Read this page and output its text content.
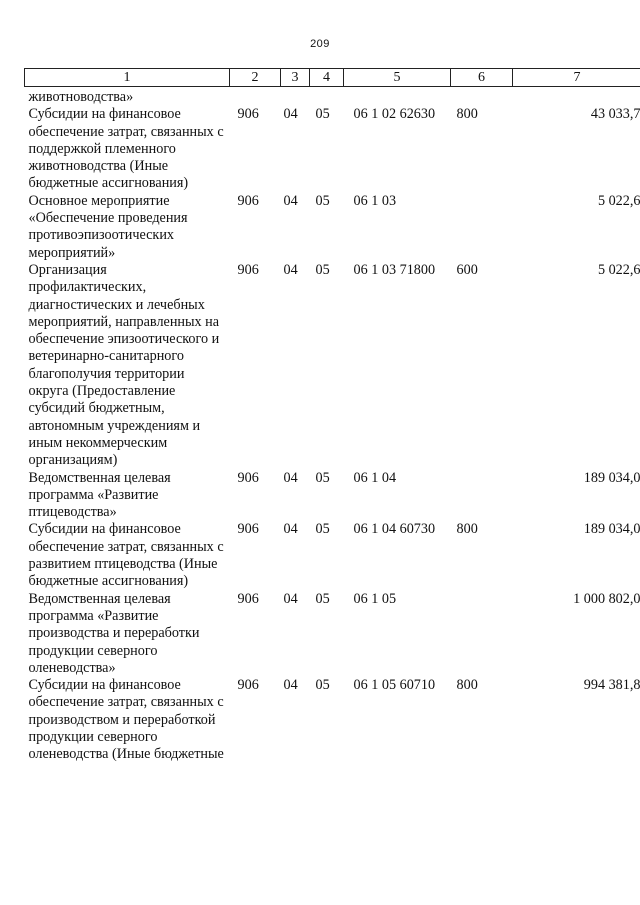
209
1	2	3	4	5	6	7
животноводства»						
Субсидии на финансовое обеспечение затрат, связанных с поддержкой племенного животноводства (Иные бюджетные ассигнования)	906	04	05	06 1 02 62630	800	43 033,7
Основное мероприятие «Обеспечение проведения противоэпизоотических мероприятий»	906	04	05	06 1 03		5 022,6
Организация профилактических, диагностических и лечебных мероприятий, направленных на обеспечение эпизоотического и ветеринарно-санитарного благополучия территории округа (Предоставление субсидий бюджетным, автономным учреждениям и иным некоммерческим организациям)	906	04	05	06 1 03 71800	600	5 022,6
Ведомственная целевая программа «Развитие птицеводства»	906	04	05	06 1 04		189 034,0
Субсидии на финансовое обеспечение затрат, связанных с развитием птицеводства (Иные бюджетные ассигнования)	906	04	05	06 1 04 60730	800	189 034,0
Ведомственная целевая программа «Развитие производства и переработки продукции северного оленеводства»	906	04	05	06 1 05		1 000 802,0
Субсидии на финансовое обеспечение затрат, связанных с производством и переработкой продукции северного оленеводства (Иные бюджетные	906	04	05	06 1 05 60710	800	994 381,8
